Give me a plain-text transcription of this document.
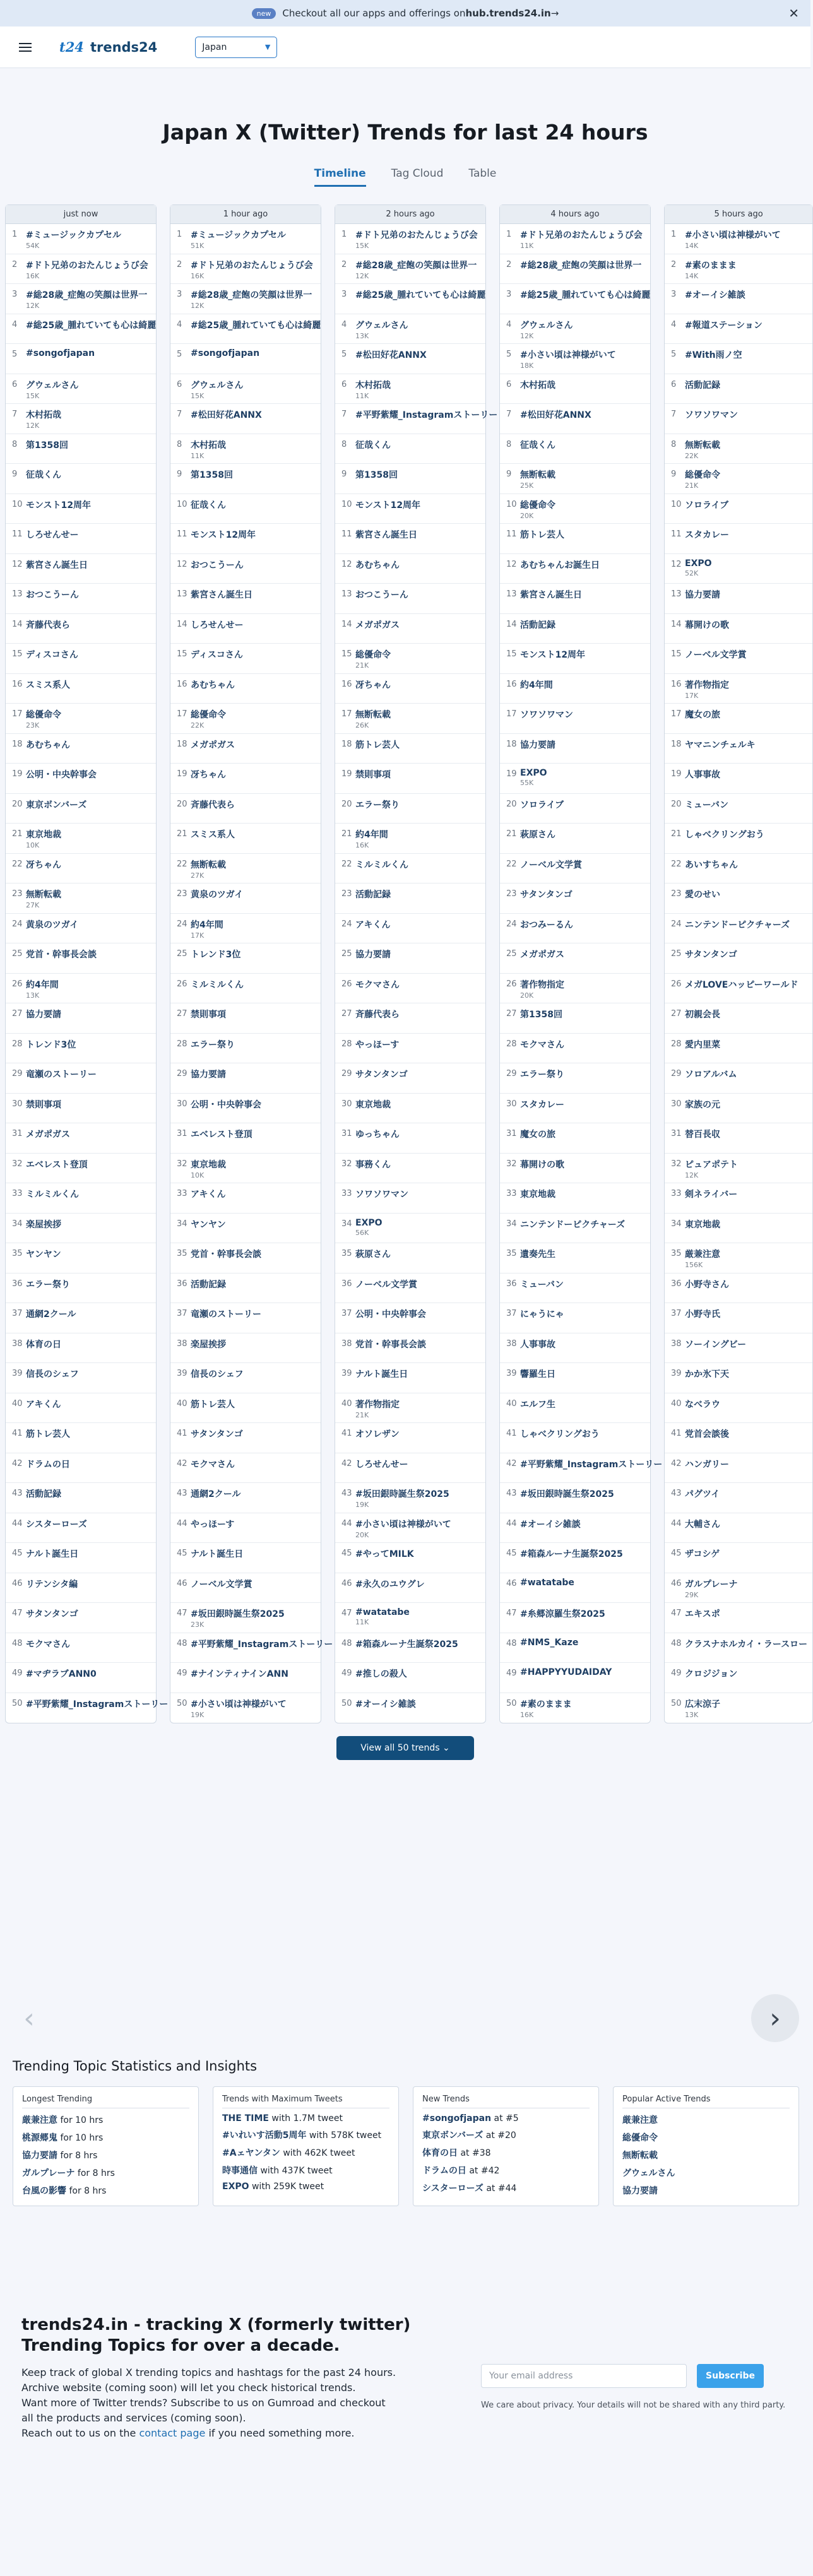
new	Checkout all our apps and offerings on hub.trends24.in →	✕
t24 trends24	Japan	▼
Japan X (Twitter) Trends for last 24 hours
Timeline Tag Cloud Table
just now
1 #ミュージックカプセル
54K
2 #ドト兄弟のおたんじょうび会
16K
3 #総28歳_症飽の笑顔は世界一
12K
4 #総25歳_腫れていても心は綺麗
5 #songofjapan
6 グウェルさん
15K
7 木村拓哉
12K
8 第1358回
9 征哉くん
10 モンスト12周年
11 しろせんせー
12 紫宮さん誕生日
13 おつこうーん
14 斉藤代表ら
15 ディスコさん
16 スミス系人
17 総優命令
23K
18 あむちゃん
19 公明・中央幹事会
20 東京ボンバーズ
21 東京地裁
10K
22 冴ちゃん
23 無断転載
27K
24 黄泉のツガイ
25 党首・幹事長会談
26 約4年間
13K
27 協力要請
28 トレンド3位
29 竜瀬のストーリー
30 禁則事項
31 メガポガス
32 エベレスト登頂
33 ミルミルくん
34 楽屋挨拶
35 ヤンヤン
36 エラー祭り
37 通網2クール
38 体育の日
39 信長のシェフ
40 アキくん
41 筋トレ芸人
42 ドラムの日
43 活動記録
44 シスターローズ
45 ナルト誕生日
46 リテンシタ編
47 サタンタンゴ
48 モクマさん
49 #マヂラブANN0
50 #平野紫耀_Instagramストーリー
1 hour ago
1 #ミュージックカプセル
51K
2 #ドト兄弟のおたんじょうび会
16K
3 #総28歳_症飽の笑顔は世界一
12K
4 #総25歳_腫れていても心は綺麗
5 #songofjapan
6 グウェルさん
15K
7 #松田好花ANNX
8 木村拓哉
11K
9 第1358回
10 征哉くん
11 モンスト12周年
12 おつこうーん
13 紫宮さん誕生日
14 しろせんせー
15 ディスコさん
16 あむちゃん
17 総優命令
22K
18 メガポガス
19 冴ちゃん
20 斉藤代表ら
21 スミス系人
22 無断転載
27K
23 黄泉のツガイ
24 約4年間
17K
25 トレンド3位
26 ミルミルくん
27 禁則事項
28 エラー祭り
29 協力要請
30 公明・中央幹事会
31 エベレスト登頂
32 東京地裁
10K
33 アキくん
34 ヤンヤン
35 党首・幹事長会談
36 活動記録
37 竜瀬のストーリー
38 楽屋挨拶
39 信長のシェフ
40 筋トレ芸人
41 サタンタンゴ
42 モクマさん
43 通網2クール
44 やっほーす
45 ナルト誕生日
46 ノーベル文学賞
47 #坂田銀時誕生祭2025
23K
48 #平野紫耀_Instagramストーリー
49 #ナインティナインANN
50 #小さい頃は神様がいて
19K
2 hours ago
1 #ドト兄弟のおたんじょうび会
15K
2 #総28歳_症飽の笑顔は世界一
12K
3 #総25歳_腫れていても心は綺麗
4 グウェルさん
13K
5 #松田好花ANNX
6 木村拓哉
11K
7 #平野紫耀_Instagramストーリー
8 征哉くん
9 第1358回
10 モンスト12周年
11 紫宮さん誕生日
12 あむちゃん
13 おつこうーん
14 メガポガス
15 総優命令
21K
16 冴ちゃん
17 無断転載
26K
18 筋トレ芸人
19 禁則事項
20 エラー祭り
21 約4年間
16K
22 ミルミルくん
23 活動記録
24 アキくん
25 協力要請
26 モクマさん
27 斉藤代表ら
28 やっほーす
29 サタンタンゴ
30 東京地裁
31 ゆっちゃん
32 事務くん
33 ソワソワマン
34 EXPO
56K
35 萩原さん
36 ノーベル文学賞
37 公明・中央幹事会
38 党首・幹事長会談
39 ナルト誕生日
40 著作物指定
21K
41 オソレザン
42 しろせんせー
43 #坂田銀時誕生祭2025
19K
44 #小さい頃は神様がいて
20K
45 #やってMILK
46 #永久のユウグレ
47 #watatabe
11K
48 #箱森ルーナ生誕祭2025
49 #推しの殺人
50 #オーイシ雑談
4 hours ago
1 #ドト兄弟のおたんじょうび会
11K
2 #総28歳_症飽の笑顔は世界一
3 #総25歳_腫れていても心は綺麗
4 グウェルさん
12K
5 #小さい頃は神様がいて
18K
6 木村拓哉
7 #松田好花ANNX
8 征哉くん
9 無断転載
25K
10 総優命令
20K
11 筋トレ芸人
12 あむちゃんお誕生日
13 紫宮さん誕生日
14 活動記録
15 モンスト12周年
16 約4年間
17 ソワソワマン
18 協力要請
19 EXPO
55K
20 ソロライブ
21 萩原さん
22 ノーベル文学賞
23 サタンタンゴ
24 おつみーるん
25 メガポガス
26 著作物指定
20K
27 第1358回
28 モクマさん
29 エラー祭り
30 スタカレー
31 魔女の旅
32 幕開けの歌
33 東京地裁
34 ニンテンドーピクチャーズ
35 遺奏先生
36 ミューバン
37 にゃうにゃ
38 人事事故
39 響羅生日
40 エルフ生
41 しゃべクリングおう
42 #平野紫耀_Instagramストーリー
43 #坂田銀時誕生祭2025
44 #オーイシ雑談
45 #箱森ルーナ生誕祭2025
46 #watatabe
47 #糸郷涼羅生祭2025
48 #NMS_Kaze
49 #HAPPYYUDAIDAY
50 #素のままま
16K
5 hours ago
1 #小さい頃は神様がいて
14K
2 #素のままま
14K
3 #オーイシ雑談
4 #報道ステーション
5 #With雨ノ空
6 活動記録
7 ソワソワマン
8 無断転載
22K
9 総優命令
21K
10 ソロライブ
11 スタカレー
12 EXPO
52K
13 協力要請
14 幕開けの歌
15 ノーベル文学賞
16 著作物指定
17K
17 魔女の旅
18 ヤマニンチェルキ
19 人事事故
20 ミューバン
21 しゃべクリングおう
22 あいすちゃん
23 愛のせい
24 ニンテンドーピクチャーズ
25 サタンタンゴ
26 メガLOVEハッピーワールド
27 初親会長
28 愛内里菜
29 ソロアルバム
30 家族の元
31 替百長収
32 ピュアポテト
12K
33 剣ネライバー
34 東京地裁
35 厳兼注意
156K
36 小野寺さん
37 小野寺氏
38 ソーイングビー
39 かか氷下天
40 なべラウ
41 党首会談後
42 ハンガリー
43 パグツイ
44 大輔さん
45 ザコシゲ
46 ガルプレーナ
29K
47 エキスポ
48 クラスナホルカイ・ラースロー
49 クロジジョン
50 広末涼子
13K
View all 50 trends ⌄
‹	›
Trending Topic Statistics and Insights
Longest Trending
厳兼注意 for 10 hrs
桃源郷鬼 for 10 hrs
協力要請 for 8 hrs
ガルプレーナ for 8 hrs
台風の影響 for 8 hrs
Trends with Maximum Tweets
THE TIME with 1.7M tweet
#いれいす活動5周年 with 578K tweet
#Aェヤンタン with 462K tweet
時事通信 with 437K tweet
EXPO with 259K tweet
New Trends
#songofjapan at #5
東京ボンバーズ at #20
体育の日 at #38
ドラムの日 at #42
シスターローズ at #44
Popular Active Trends
厳兼注意
総優命令
無断転載
グウェルさん
協力要請
trends24.in - tracking X (formerly twitter) Trending Topics for over a decade.
Keep track of global X trending topics and hashtags for the past 24 hours.
Archive website (coming soon) will let you check historical trends.
Want more of Twitter trends? Subscribe to us on Gumroad and checkout all the products and services (coming soon).
Reach out to us on the contact page if you need something more.
Your email address
Subscribe
We care about privacy. Your details will not be shared with any third party.
